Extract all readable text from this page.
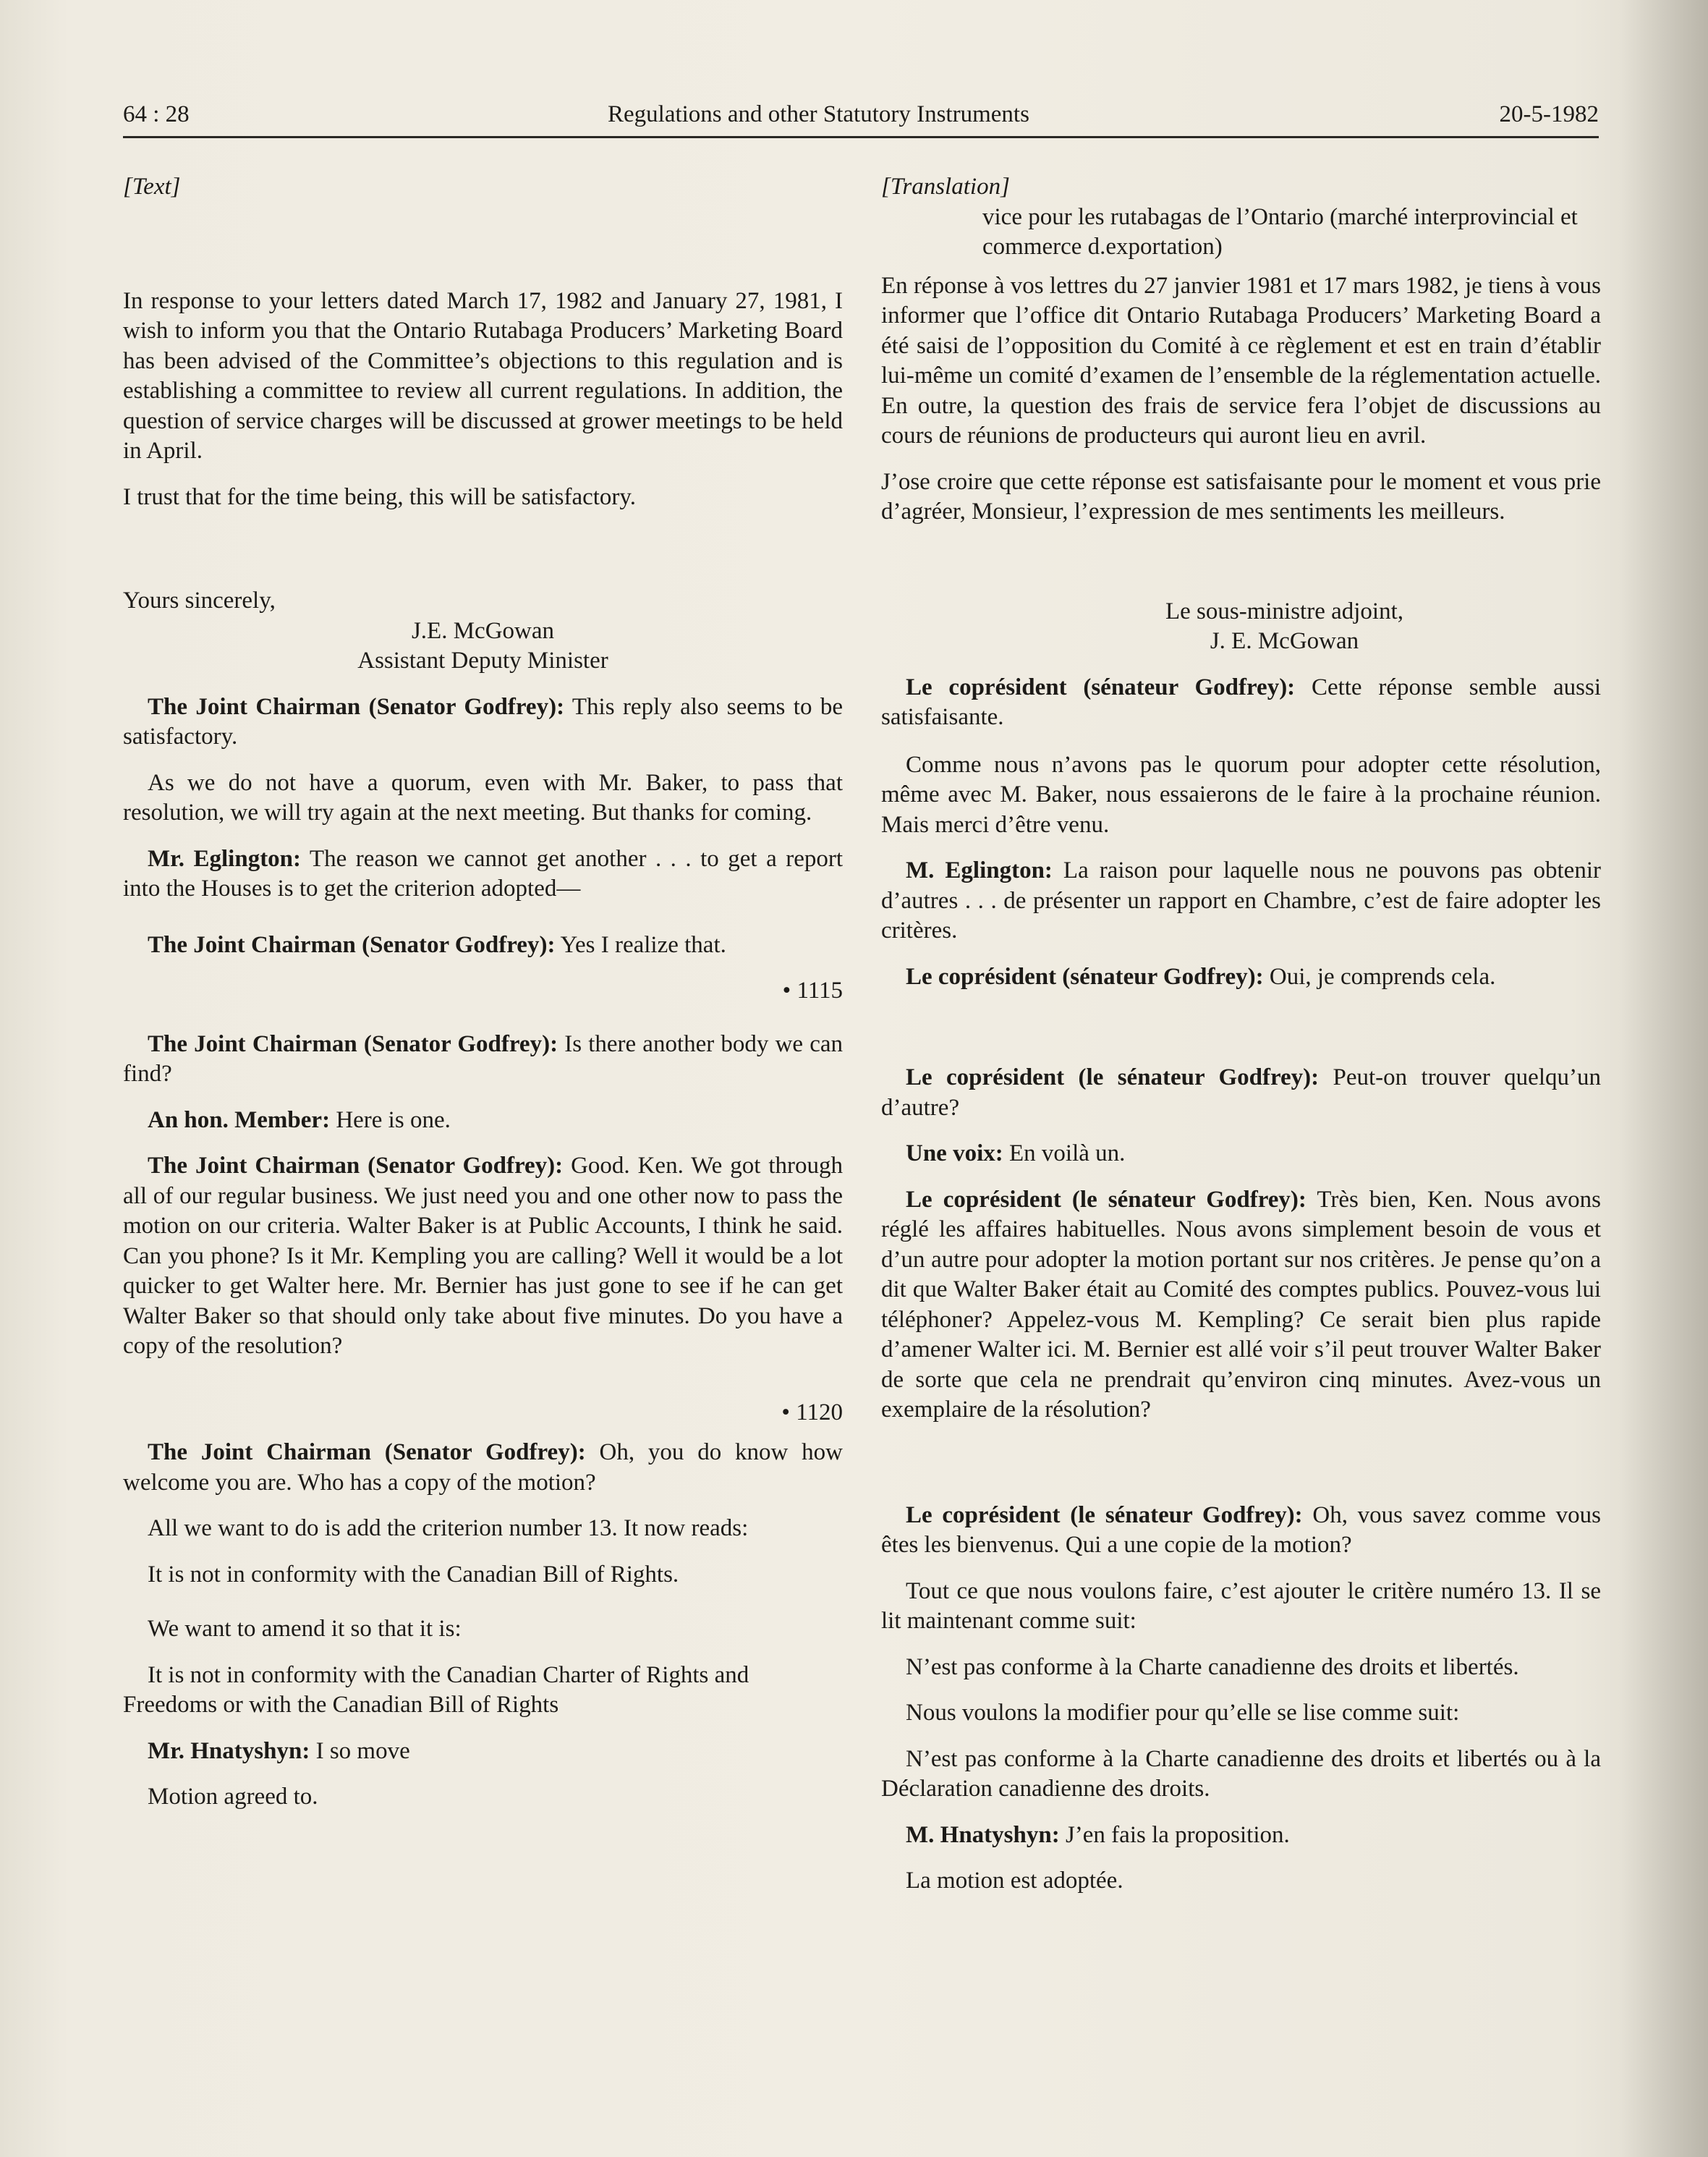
64 : 28	Regulations and other Statutory Instruments	20-5-1982

[Text]

In response to your letters dated March 17, 1982 and January 27, 1981, I wish to inform you that the Ontario Rutabaga Producers’ Marketing Board has been advised of the Committee’s objections to this regulation and is establishing a committee to review all current regulations. In addition, the question of service charges will be discussed at grower meetings to be held in April.

I trust that for the time being, this will be satisfactory.

Yours sincerely,

J.E. McGowan

Assistant Deputy Minister

The Joint Chairman (Senator Godfrey): This reply also seems to be satisfactory.

As we do not have a quorum, even with Mr. Baker, to pass that resolution, we will try again at the next meeting. But thanks for coming.

Mr. Eglington: The reason we cannot get another . . . to get a report into the Houses is to get the criterion adopted—

The Joint Chairman (Senator Godfrey): Yes I realize that.

• 1115

The Joint Chairman (Senator Godfrey): Is there another body we can find?

An hon. Member: Here is one.

The Joint Chairman (Senator Godfrey): Good. Ken. We got through all of our regular business. We just need you and one other now to pass the motion on our criteria. Walter Baker is at Public Accounts, I think he said. Can you phone? Is it Mr. Kempling you are calling? Well it would be a lot quicker to get Walter here. Mr. Bernier has just gone to see if he can get Walter Baker so that should only take about five minutes. Do you have a copy of the resolution?

• 1120

The Joint Chairman (Senator Godfrey): Oh, you do know how welcome you are. Who has a copy of the motion?

All we want to do is add the criterion number 13. It now reads:

It is not in conformity with the Canadian Bill of Rights.

We want to amend it so that it is:

It is not in conformity with the Canadian Charter of Rights and Freedoms or with the Canadian Bill of Rights

Mr. Hnatyshyn: I so move

Motion agreed to.

[Translation]

vice pour les rutabagas de l’Ontario (marché interprovincial et commerce d.exportation)

En réponse à vos lettres du 27 janvier 1981 et 17 mars 1982, je tiens à vous informer que l’office dit Ontario Rutabaga Producers’ Marketing Board a été saisi de l’opposition du Comité à ce règlement et est en train d’établir lui-même un comité d’examen de l’ensemble de la réglementation actuelle. En outre, la question des frais de service fera l’objet de discussions au cours de réunions de producteurs qui auront lieu en avril.

J’ose croire que cette réponse est satisfaisante pour le moment et vous prie d’agréer, Monsieur, l’expression de mes sentiments les meilleurs.

Le sous-ministre adjoint,

J. E. McGowan

Le coprésident (sénateur Godfrey): Cette réponse semble aussi satisfaisante.

Comme nous n’avons pas le quorum pour adopter cette résolution, même avec M. Baker, nous essaierons de le faire à la prochaine réunion. Mais merci d’être venu.

M. Eglington: La raison pour laquelle nous ne pouvons pas obtenir d’autres . . . de présenter un rapport en Chambre, c’est de faire adopter les critères.

Le coprésident (sénateur Godfrey): Oui, je comprends cela.

Le coprésident (le sénateur Godfrey): Peut-on trouver quelqu’un d’autre?

Une voix: En voilà un.

Le coprésident (le sénateur Godfrey): Très bien, Ken. Nous avons réglé les affaires habituelles. Nous avons simplement besoin de vous et d’un autre pour adopter la motion portant sur nos critères. Je pense qu’on a dit que Walter Baker était au Comité des comptes publics. Pouvez-vous lui téléphoner? Appelez-vous M. Kempling? Ce serait bien plus rapide d’amener Walter ici. M. Bernier est allé voir s’il peut trouver Walter Baker de sorte que cela ne prendrait qu’environ cinq minutes. Avez-vous un exemplaire de la résolution?

Le coprésident (le sénateur Godfrey): Oh, vous savez comme vous êtes les bienvenus. Qui a une copie de la motion?

Tout ce que nous voulons faire, c’est ajouter le critère numéro 13. Il se lit maintenant comme suit:

N’est pas conforme à la Charte canadienne des droits et libertés.

Nous voulons la modifier pour qu’elle se lise comme suit:

N’est pas conforme à la Charte canadienne des droits et libertés ou à la Déclaration canadienne des droits.

M. Hnatyshyn: J’en fais la proposition.

La motion est adoptée.
